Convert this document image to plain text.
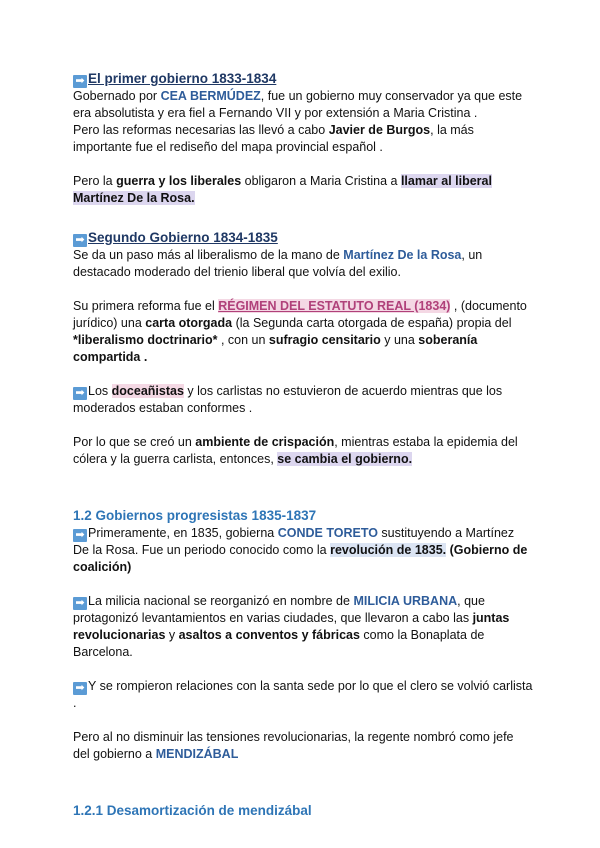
➡ El primer gobierno 1833-1834

Gobernado por CEA BERMÚDEZ, fue un gobierno muy conservador ya que este era absolutista y era fiel a Fernando VII y por extensión a Maria Cristina .

Pero las reformas necesarias las llevó a cabo Javier de Burgos, la más importante fue el rediseño del mapa provincial español .

Pero la guerra y los liberales obligaron a Maria Cristina a llamar al liberal Martínez De la Rosa.

➡ Segundo Gobierno 1834-1835

Se da un paso más al liberalismo de la mano de Martínez De la Rosa, un destacado moderado del trienio liberal que volvía del exilio.

Su primera reforma fue el RÉGIMEN DEL ESTATUTO REAL (1834) , (documento jurídico) una carta otorgada (la Segunda carta otorgada de españa) propia del *liberalismo doctrinario* , con un sufragio censitario y una soberanía compartida .

➡ Los doceañistas y los carlistas no estuvieron de acuerdo mientras que los moderados estaban conformes .

Por lo que se creó un ambiente de crispación, mientras estaba la epidemia del cólera y la guerra carlista, entonces, se cambia el gobierno.

1.2 Gobiernos progresistas 1835-1837

➡ Primeramente, en 1835, gobierna CONDE TORETO sustituyendo a Martínez De la Rosa. Fue un periodo conocido como la revolución de 1835. (Gobierno de coalición)

➡ La milicia nacional se reorganizó en nombre de MILICIA URBANA, que protagonizó levantamientos en varias ciudades, que llevaron a cabo las juntas revolucionarias y asaltos a conventos y fábricas como la Bonaplata de Barcelona.

➡ Y se rompieron relaciones con la santa sede por lo que el clero se volvió carlista .

Pero al no disminuir las tensiones revolucionarias, la regente nombró como jefe del gobierno a MENDIZÁBAL

1.2.1 Desamortización de mendizábal
